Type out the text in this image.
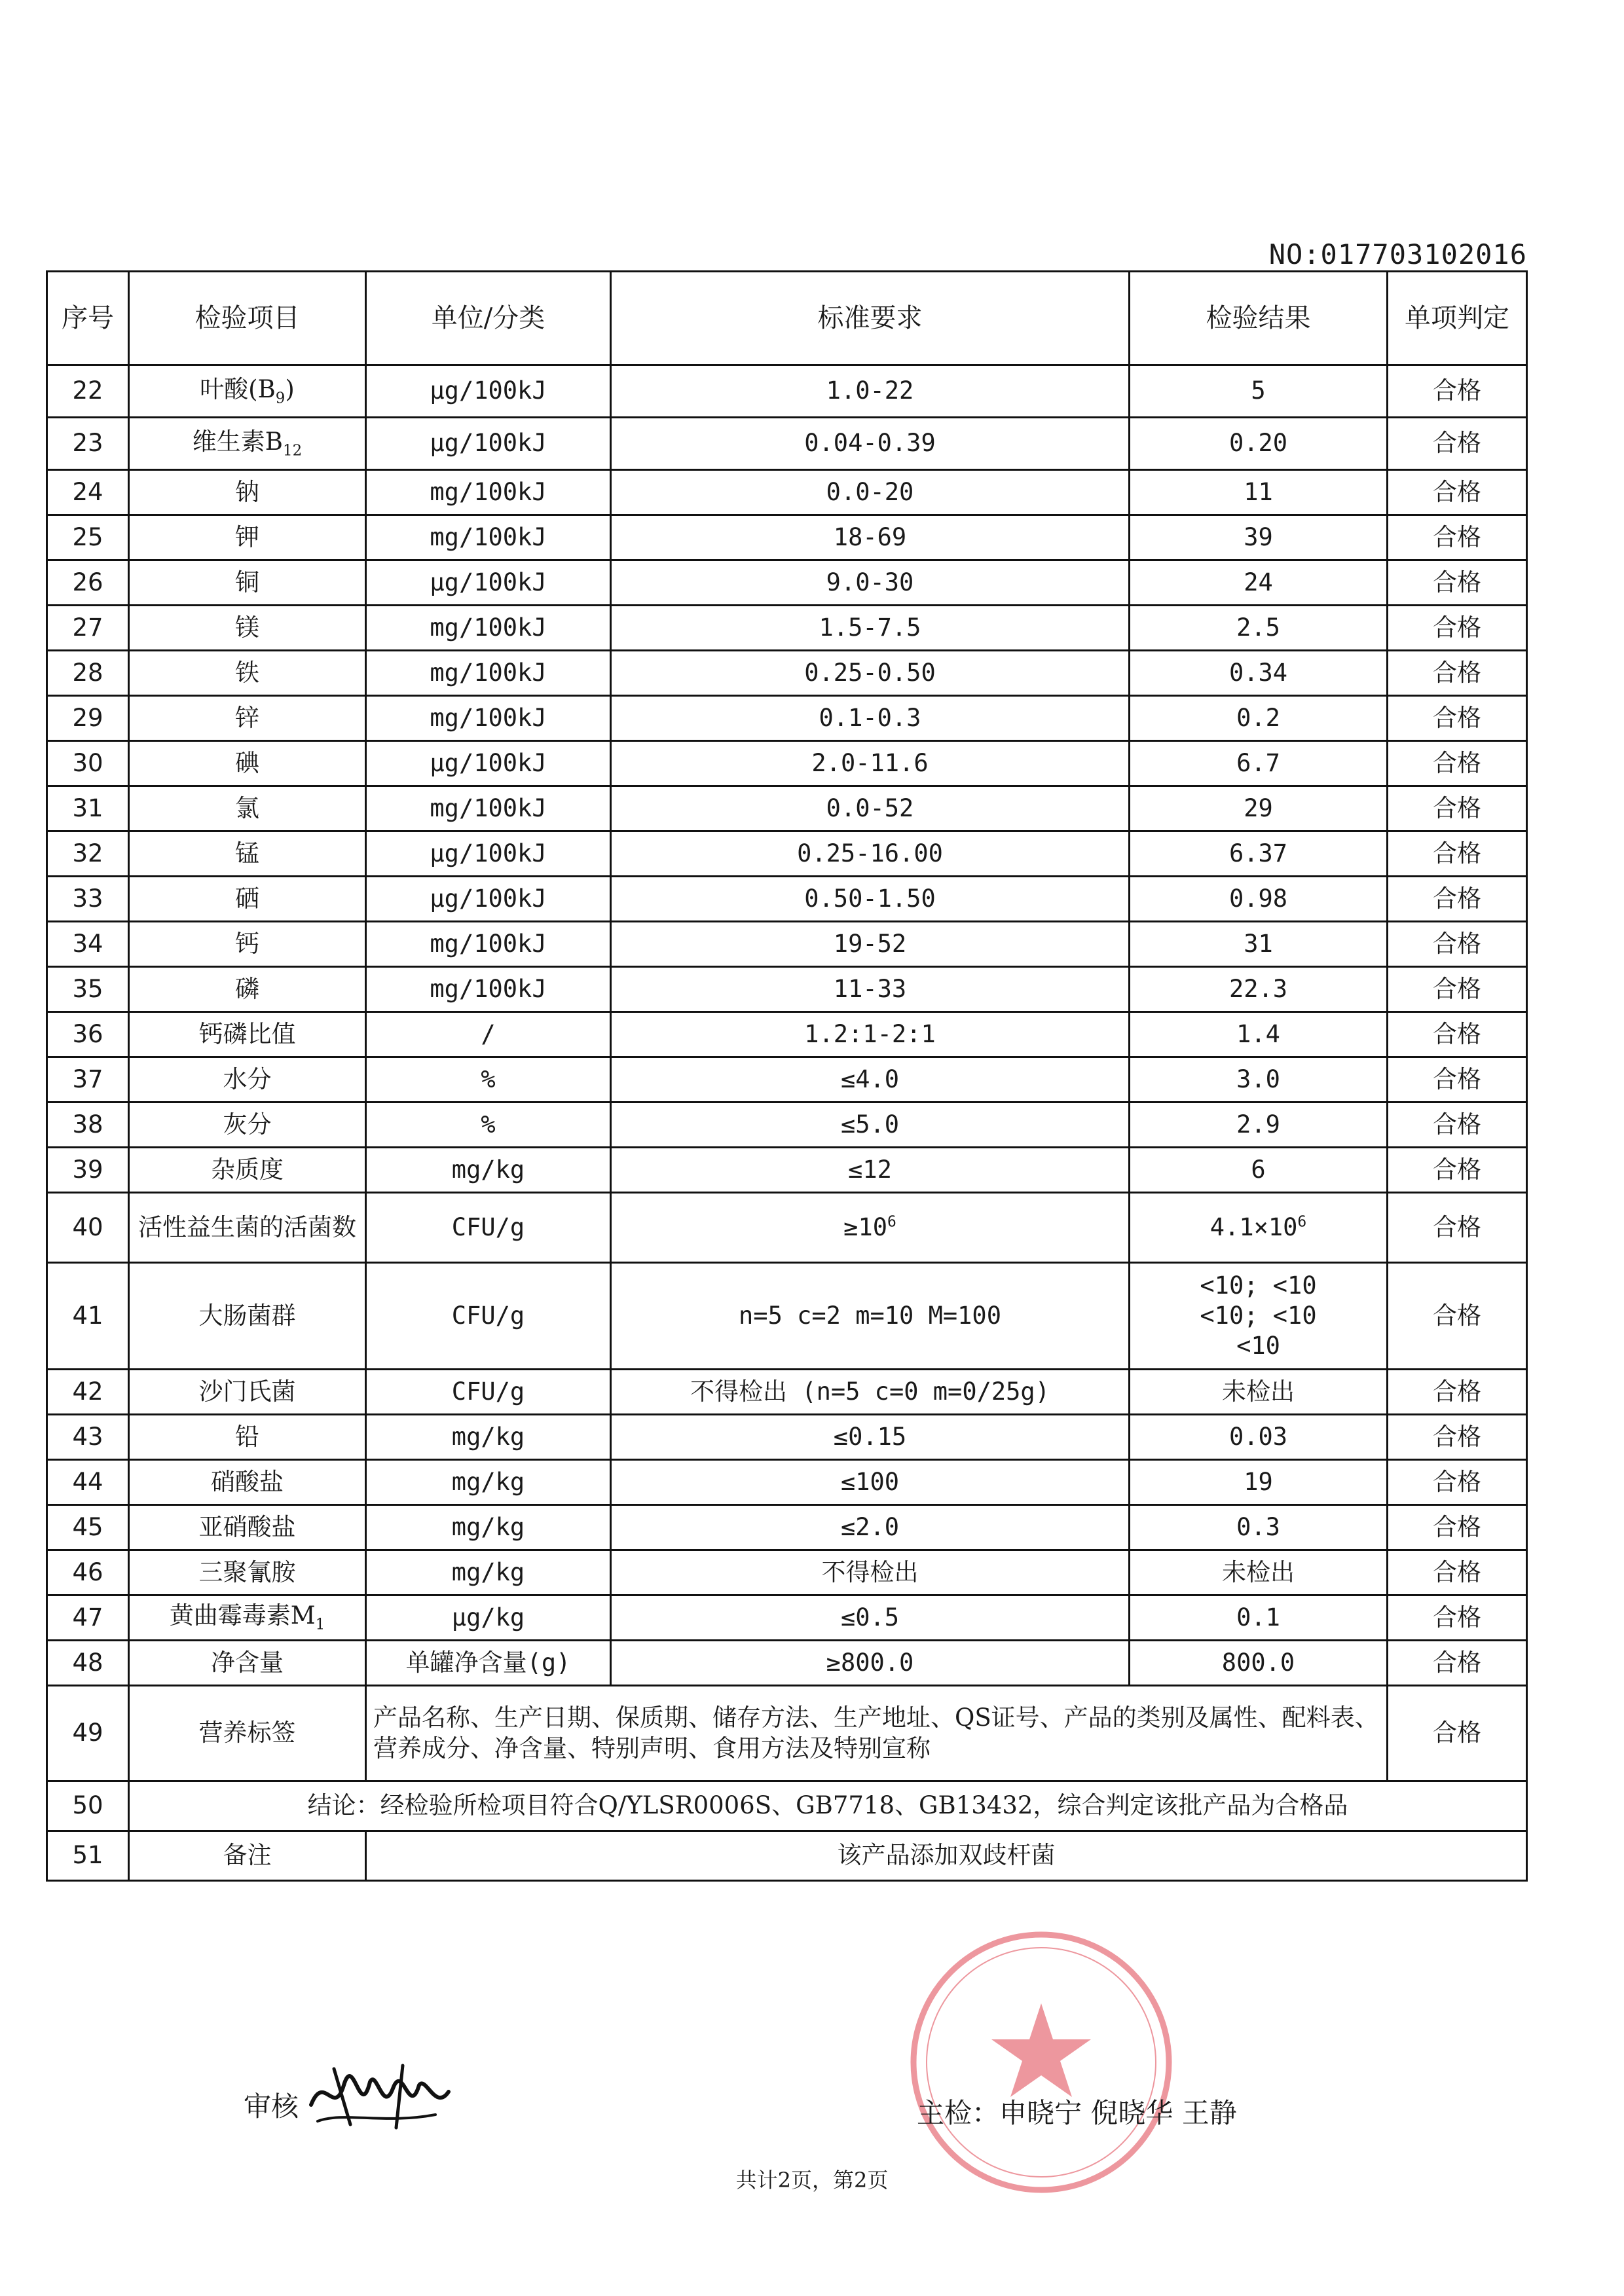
NO:017703102016
序号	检验项目	单位/分类	标准要求	检验结果	单项判定
22	叶酸$(B_9)$	μg/100kJ	1.0-22	5	合格
23	维生素$B_{12}$	μg/100kJ	0.04-0.39	0.20	合格
24	钠	mg/100kJ	0.0-20	11	合格
25	钾	mg/100kJ	18-69	39	合格
26	铜	μg/100kJ	9.0-30	24	合格
27	镁	mg/100kJ	1.5-7.5	2.5	合格
28	铁	mg/100kJ	0.25-0.50	0.34	合格
29	锌	mg/100kJ	0.1-0.3	0.2	合格
30	碘	μg/100kJ	2.0-11.6	6.7	合格
31	氯	mg/100kJ	0.0-52	29	合格
32	锰	μg/100kJ	0.25-16.00	6.37	合格
33	硒	μg/100kJ	0.50-1.50	0.98	合格
34	钙	mg/100kJ	19-52	31	合格
35	磷	mg/100kJ	11-33	22.3	合格
36	钙磷比值	/	1.2:1-2:1	1.4	合格
37	水分	%	≤4.0	3.0	合格
38	灰分	%	≤5.0	2.9	合格
39	杂质度	mg/kg	≤12	6	合格
40	活性益生菌的活菌数	CFU/g	$\ge 10^6$	$4.1\times 10^6$	合格
41	大肠菌群	CFU/g	n=5 c=2 m=10 M=100	<10; <10
<10; <10
<10	合格
42	沙门氏菌	CFU/g	不得检出 (n=5 c=0 m=0/25g)	未检出	合格
43	铅	mg/kg	≤0.15	0.03	合格
44	硝酸盐	mg/kg	≤100	19	合格
45	亚硝酸盐	mg/kg	≤2.0	0.3	合格
46	三聚氰胺	mg/kg	不得检出	未检出	合格
47	黄曲霉毒素$M_1$	μg/kg	≤0.5	0.1	合格
48	净含量	单罐净含量(g)	≥800.0	800.0	合格
49	营养标签	产品名称、生产日期、保质期、储存方法、生产地址、QS证号、产品的类别及属性、配料表、营养成分、净含量、特别声明、食用方法及特别宣称			合格
50	结论：经检验所检项目符合Q/YLSR0006S、GB7718、GB13432，综合判定该批产品为合格品				
51	备注	该产品添加双歧杆菌			
审核	主检：申晓宁 倪晓华 王静
共计2页，第2页
